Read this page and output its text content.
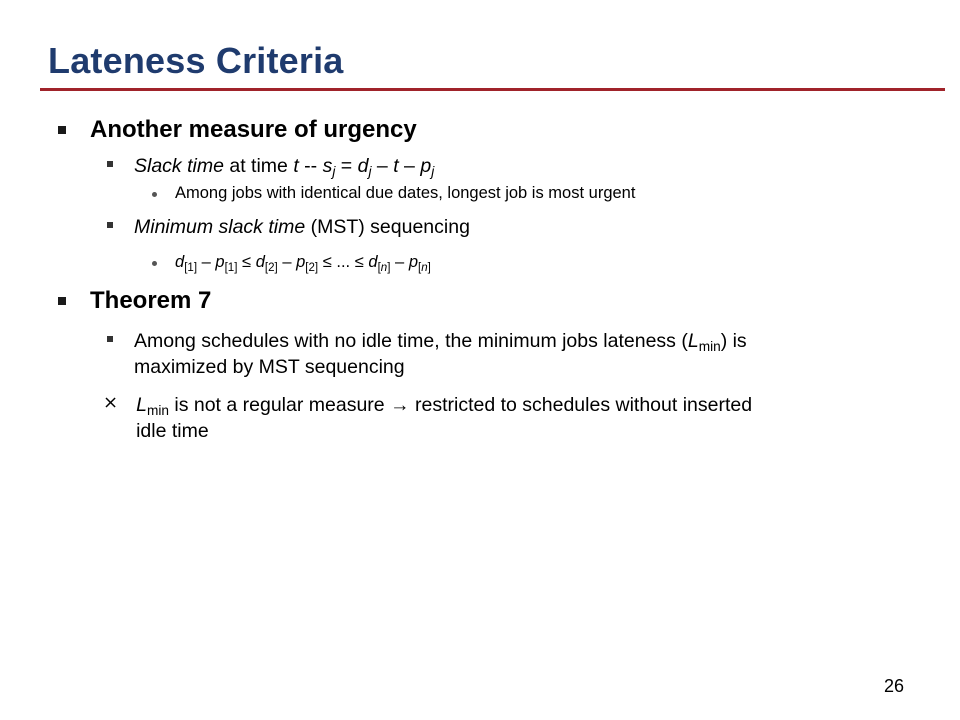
Lateness Criteria
Another measure of urgency
Slack time at time $t -- s_j = d_j - t - p_j$
Among jobs with identical due dates, longest job is most urgent
Minimum slack time (MST) sequencing
$d_{[1]} - p_{[1]} \le d_{[2]} - p_{[2]}$ ≤ ... ≤ $d_{[n]} - p_{[n]}$
Theorem 7
Among schedules with no idle time, the minimum jobs lateness $(L_{min})$ is
maximized by MST sequencing
⨯ $L_{min}$ is not a regular measure → restricted to schedules without inserted
idle time
26
